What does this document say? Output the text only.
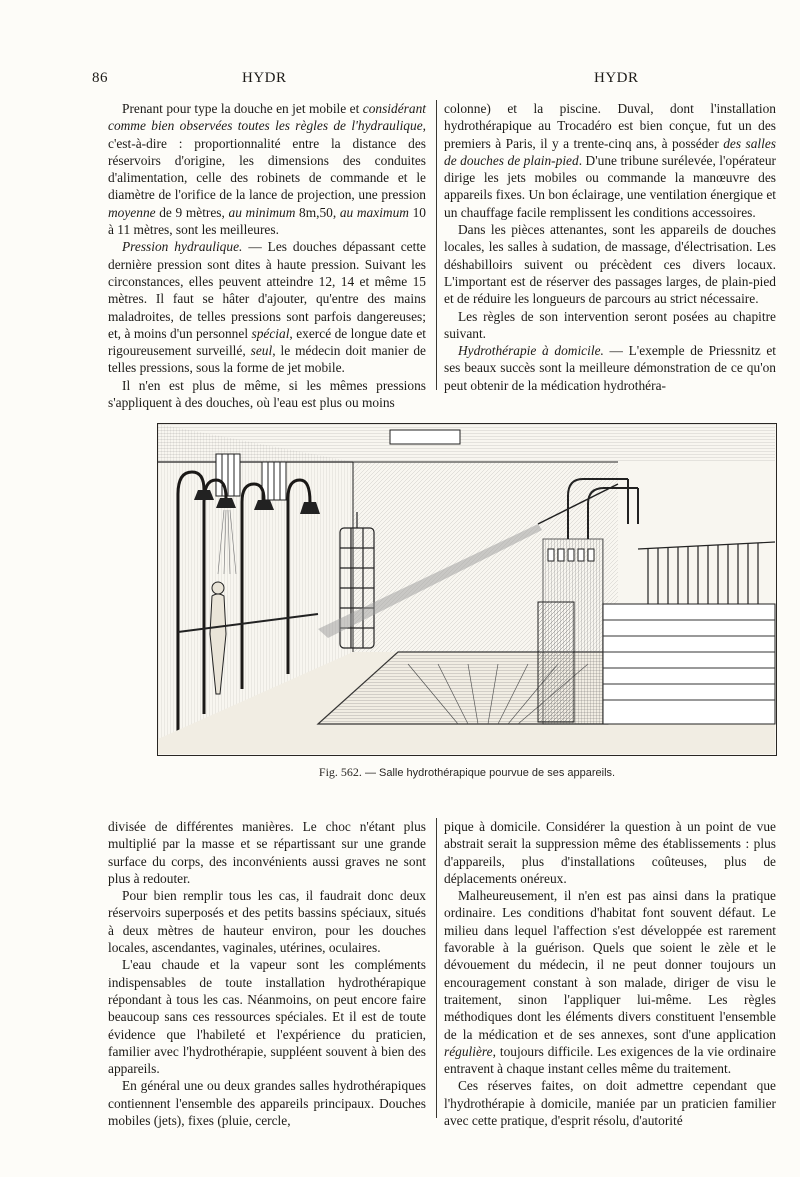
86	HYDR	HYDR

Prenant pour type la douche en jet mobile et considérant comme bien observées toutes les règles de l'hydraulique, c'est-à-dire : proportionnalité entre la distance des réservoirs d'origine, les dimensions des conduites d'alimentation, celle des robinets de commande et le diamètre de l'orifice de la lance de projection, une pression moyenne de 9 mètres, au minimum 8m,50, au maximum 10 à 11 mètres, sont les meilleures.

Pression hydraulique. — Les douches dépassant cette dernière pression sont dites à haute pression. Suivant les circonstances, elles peuvent atteindre 12, 14 et même 15 mètres. Il faut se hâter d'ajouter, qu'entre des mains maladroites, de telles pressions sont parfois dangereuses; et, à moins d'un personnel spécial, exercé de longue date et rigoureusement surveillé, seul, le médecin doit manier de telles pressions, sous la forme de jet mobile.

Il n'en est plus de même, si les mêmes pressions s'appliquent à des douches, où l'eau est plus ou moins

colonne) et la piscine. Duval, dont l'installation hydrothérapique au Trocadéro est bien conçue, fut un des premiers à Paris, il y a trente-cinq ans, à posséder des salles de douches de plain-pied. D'une tribune surélevée, l'opérateur dirige les jets mobiles ou commande la manœuvre des appareils fixes. Un bon éclairage, une ventilation énergique et un chauffage facile remplissent les conditions accessoires.

Dans les pièces attenantes, sont les appareils de douches locales, les salles à sudation, de massage, d'électrisation. Les déshabilloirs suivent ou précèdent ces divers locaux. L'important est de réserver des passages larges, de plain-pied et de réduire les longueurs de parcours au strict nécessaire.

Les règles de son intervention seront posées au chapitre suivant.

Hydrothérapie à domicile. — L'exemple de Priessnitz et ses beaux succès sont la meilleure démonstration de ce qu'on peut obtenir de la médication hydrothéra-

Fig. 562. — Salle hydrothérapique pourvue de ses appareils.

divisée de différentes manières. Le choc n'étant plus multiplié par la masse et se répartissant sur une grande surface du corps, des inconvénients aussi graves ne sont plus à redouter.

Pour bien remplir tous les cas, il faudrait donc deux réservoirs superposés et des petits bassins spéciaux, situés à deux mètres de hauteur environ, pour les douches locales, ascendantes, vaginales, utérines, oculaires.

L'eau chaude et la vapeur sont les compléments indispensables de toute installation hydrothérapique répondant à tous les cas. Néanmoins, on peut encore faire beaucoup sans ces ressources spéciales. Et il est de toute évidence que l'habileté et l'expérience du praticien, familier avec l'hydrothérapie, suppléent souvent à bien des appareils.

En général une ou deux grandes salles hydrothérapiques contiennent l'ensemble des appareils principaux. Douches mobiles (jets), fixes (pluie, cercle,

pique à domicile. Considérer la question à un point de vue abstrait serait la suppression même des établissements : plus d'appareils, plus d'installations coûteuses, plus de déplacements onéreux.

Malheureusement, il n'en est pas ainsi dans la pratique ordinaire. Les conditions d'habitat font souvent défaut. Le milieu dans lequel l'affection s'est développée est rarement favorable à la guérison. Quels que soient le zèle et le dévouement du médecin, il ne peut donner toujours un encouragement constant à son malade, diriger de visu le traitement, sinon l'appliquer lui-même. Les règles méthodiques dont les éléments divers constituent l'ensemble de la médication et de ses annexes, sont d'une application régulière, toujours difficile. Les exigences de la vie ordinaire entravent à chaque instant celles même du traitement.

Ces réserves faites, on doit admettre cependant que l'hydrothérapie à domicile, maniée par un praticien familier avec cette pratique, d'esprit résolu, d'autorité
